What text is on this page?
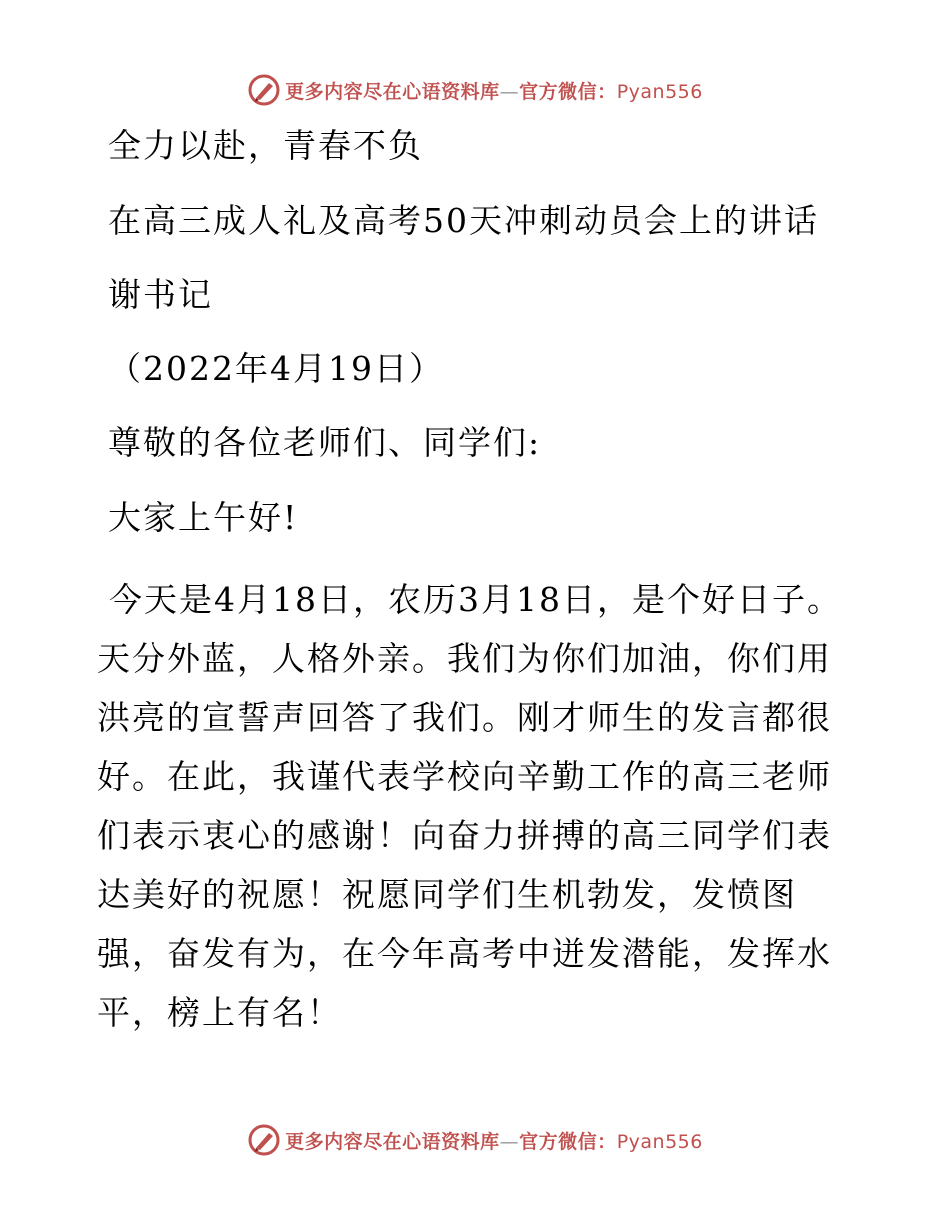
更多内容尽在心语资料库—官方微信：Pyan556
全力以赴，青春不负
在高三成人礼及高考50天冲刺动员会上的讲话
谢书记
（2022年4月19日）
尊敬的各位老师们、同学们:
大家上午好!
今天是4月18日，农历3月18日，是个好日子。天分外蓝，人格外亲。我们为你们加油，你们用洪亮的宣誓声回答了我们。刚才师生的发言都很好。在此，我谨代表学校向辛勤工作的高三老师们表示衷心的感谢！向奋力拼搏的高三同学们表达美好的祝愿！祝愿同学们生机勃发，发愤图强，奋发有为，在今年高考中迸发潜能，发挥水平，榜上有名！
更多内容尽在心语资料库—官方微信：Pyan556
